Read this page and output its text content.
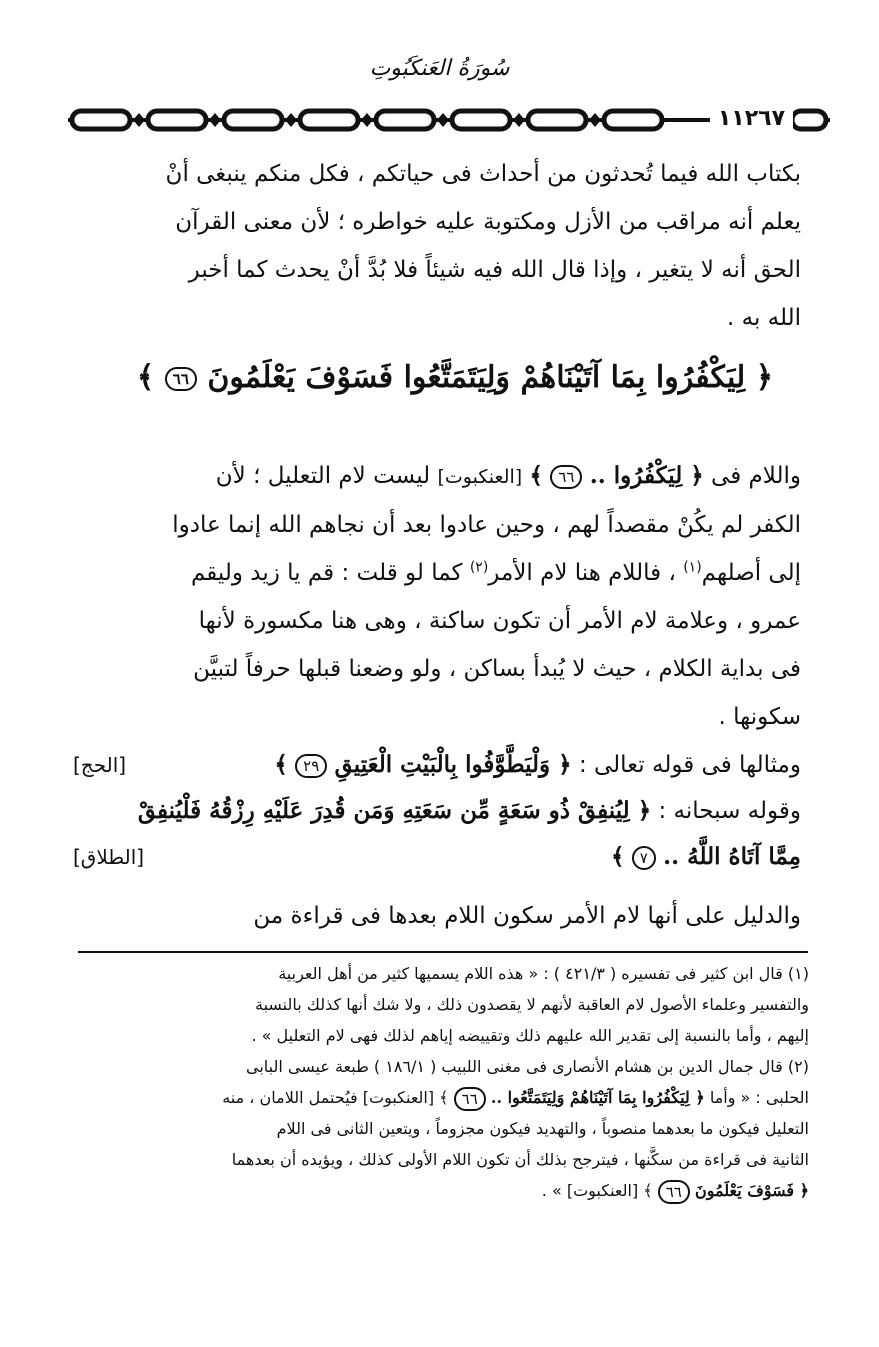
سُورَةُ العَنكَبُوتِ
١١٢٦٧

بكتاب الله فيما تُحدثون من أحداث فى حياتكم ، فكل منكم ينبغى أنْ

يعلم أنه مراقب من الأزل ومكتوبة عليه خواطره ؛ لأن معنى القرآن

الحق أنه لا يتغير ، وإذا قال الله فيه شيئاً فلا بُدَّ أنْ يحدث كما أخبر

الله به .

﴿ لِيَكْفُرُوا بِمَا آتَيْنَاهُمْ وَلِيَتَمَتَّعُوا فَسَوْفَ يَعْلَمُونَ ٦٦ ﴾

واللام فى ﴿ لِيَكْفُرُوا .. ٦٦ ﴾ [العنكبوت] ليست لام التعليل ؛ لأن

الكفر لم يكُنْ مقصداً لهم ، وحين عادوا بعد أن نجاهم الله إنما عادوا

إلى أصلهم$^{(١)}$ ، فاللام هنا لام الأمر$^{(٢)}$ كما لو قلت : قم يا زيد وليقم

عمرو ، وعلامة لام الأمر أن تكون ساكنة ، وهى هنا مكسورة لأنها

فى بداية الكلام ، حيث لا يُبدأ بساكن ، ولو وضعنا قبلها حرفاً لتبيَّن

سكونها .

[الحج]	ومثالها فى قوله تعالى : ﴿ وَلْيَطَّوَّفُوا بِالْبَيْتِ الْعَتِيقِ ٢٩ ﴾

وقوله سبحانه : ﴿ لِيُنفِقْ ذُو سَعَةٍ مِّن سَعَتِهِ وَمَن قُدِرَ عَلَيْهِ رِزْقُهُ فَلْيُنفِقْ

[الطلاق]	مِمَّا آتَاهُ اللَّهُ .. ٧ ﴾

والدليل على أنها لام الأمر سكون اللام بعدها فى قراءة من

(١) قال ابن كثير فى تفسيره ( ٤٢١/٣ ) : « هذه اللام يسميها كثير من أهل العربية

والتفسير وعلماء الأصول لام العاقبة لأنهم لا يقصدون ذلك ، ولا شك أنها كذلك بالنسبة

إليهم ، وأما بالنسبة إلى تقدير الله عليهم ذلك وتقييضه إياهم لذلك فهى لام التعليل » .

(٢) قال جمال الدين بن هشام الأنصارى فى مغنى اللبيب ( ١٨٦/١ ) طبعة عيسى البابى

الحلبى : « وأما ﴿ لِيَكْفُرُوا بِمَا آتَيْنَاهُمْ وَلِيَتَمَتَّعُوا .. ٦٦ ﴾ [العنكبوت] فيُحتمل اللامان ، منه

التعليل فيكون ما بعدهما منصوباً ، والتهديد فيكون مجزوماً ، ويتعين الثانى فى اللام

الثانية فى قراءة من سكَّنها ، فيترجح بذلك أن تكون اللام الأولى كذلك ، ويؤيده أن بعدهما

﴿ فَسَوْفَ يَعْلَمُونَ ٦٦ ﴾ [العنكبوت] » .
